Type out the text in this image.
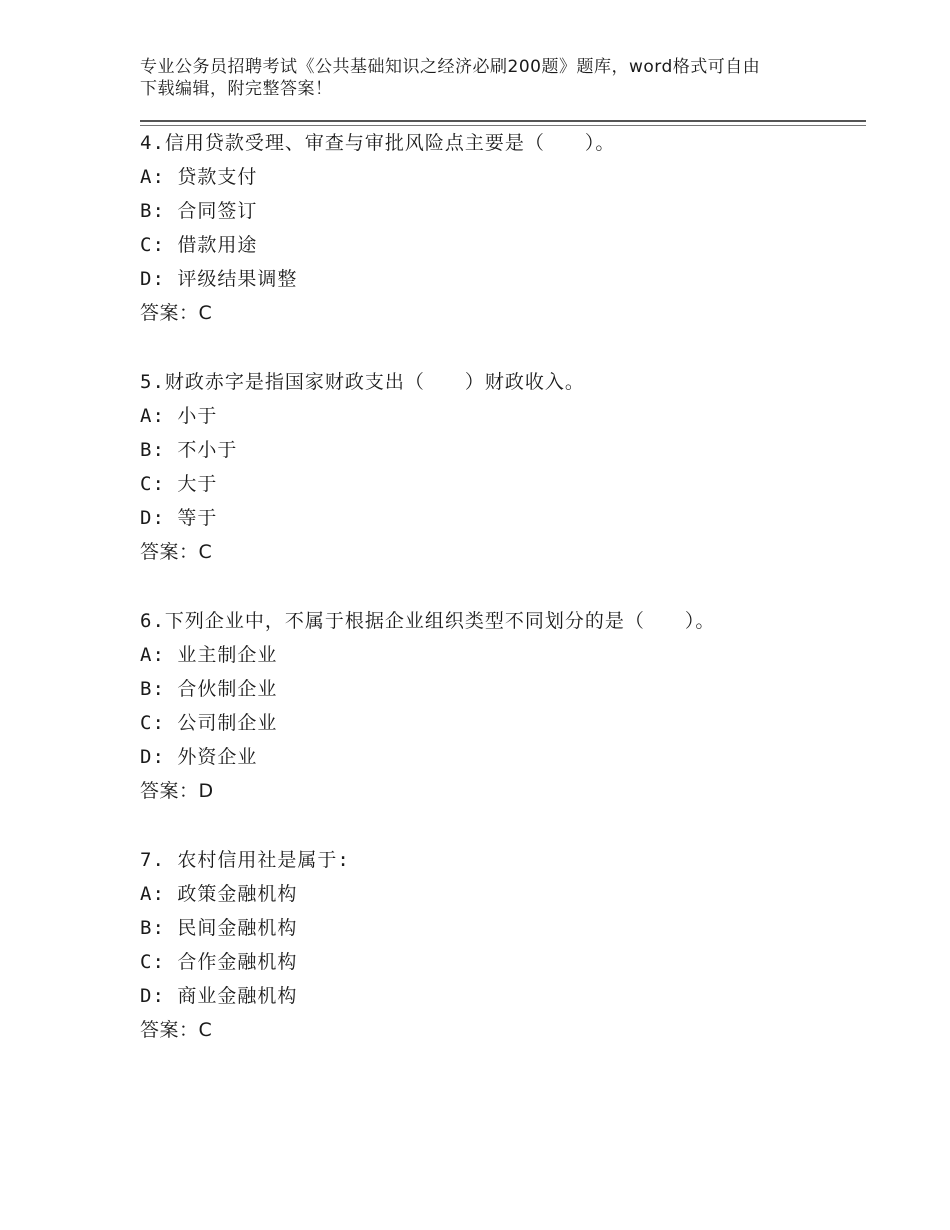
专业公务员招聘考试《公共基础知识之经济必刷200题》题库，word格式可自由
下载编辑，附完整答案！
4.信用贷款受理、审查与审批风险点主要是（　　）。
A: 贷款支付
B: 合同签订
C: 借款用途
D: 评级结果调整
答案：C
5.财政赤字是指国家财政支出（　　）财政收入。
A: 小于
B: 不小于
C: 大于
D: 等于
答案：C
6.下列企业中，不属于根据企业组织类型不同划分的是（　　）。
A: 业主制企业
B: 合伙制企业
C: 公司制企业
D: 外资企业
答案：D
7. 农村信用社是属于:
A: 政策金融机构
B: 民间金融机构
C: 合作金融机构
D: 商业金融机构
答案：C
